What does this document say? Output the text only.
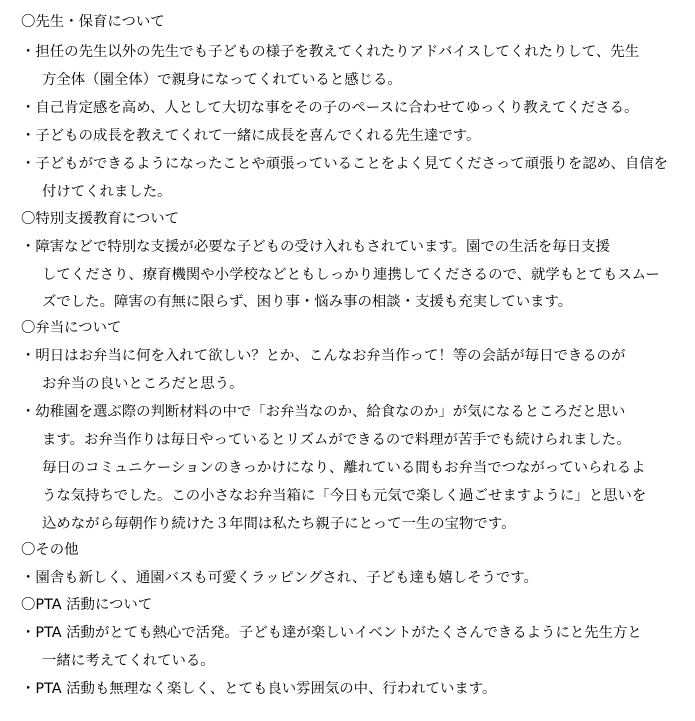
〇先生・保育について
・担任の先生以外の先生でも子どもの様子を教えてくれたりアドバイスしてくれたりして、先生
方全体（園全体）で親身になってくれていると感じる。
・自己肯定感を高め、人として大切な事をその子のペースに合わせてゆっくり教えてくださる。
・子どもの成長を教えてくれて一緒に成長を喜んでくれる先生達です。
・子どもができるようになったことや頑張っていることをよく見てくださって頑張りを認め、自信を
付けてくれました。
〇特別支援教育について
・障害などで特別な支援が必要な子どもの受け入れもされています。園での生活を毎日支援
してくださり、療育機関や小学校などともしっかり連携してくださるので、就学もとてもスムー
ズでした。障害の有無に限らず、困り事・悩み事の相談・支援も充実しています。
〇弁当について
・明日はお弁当に何を入れて欲しい？とか、こんなお弁当作って！等の会話が毎日できるのが
お弁当の良いところだと思う。
・幼稚園を選ぶ際の判断材料の中で「お弁当なのか、給食なのか」が気になるところだと思い
ます。お弁当作りは毎日やっているとリズムができるので料理が苦手でも続けられました。
毎日のコミュニケーションのきっかけになり、離れている間もお弁当でつながっていられるよ
うな気持ちでした。この小さなお弁当箱に「今日も元気で楽しく過ごせますように」と思いを
込めながら毎朝作り続けた３年間は私たち親子にとって一生の宝物です。
〇その他
・園舎も新しく、通園バスも可愛くラッピングされ、子ども達も嬉しそうです。
〇PTA 活動について
・PTA 活動がとても熱心で活発。子ども達が楽しいイベントがたくさんできるようにと先生方と
一緒に考えてくれている。
・PTA 活動も無理なく楽しく、とても良い雰囲気の中、行われています。
